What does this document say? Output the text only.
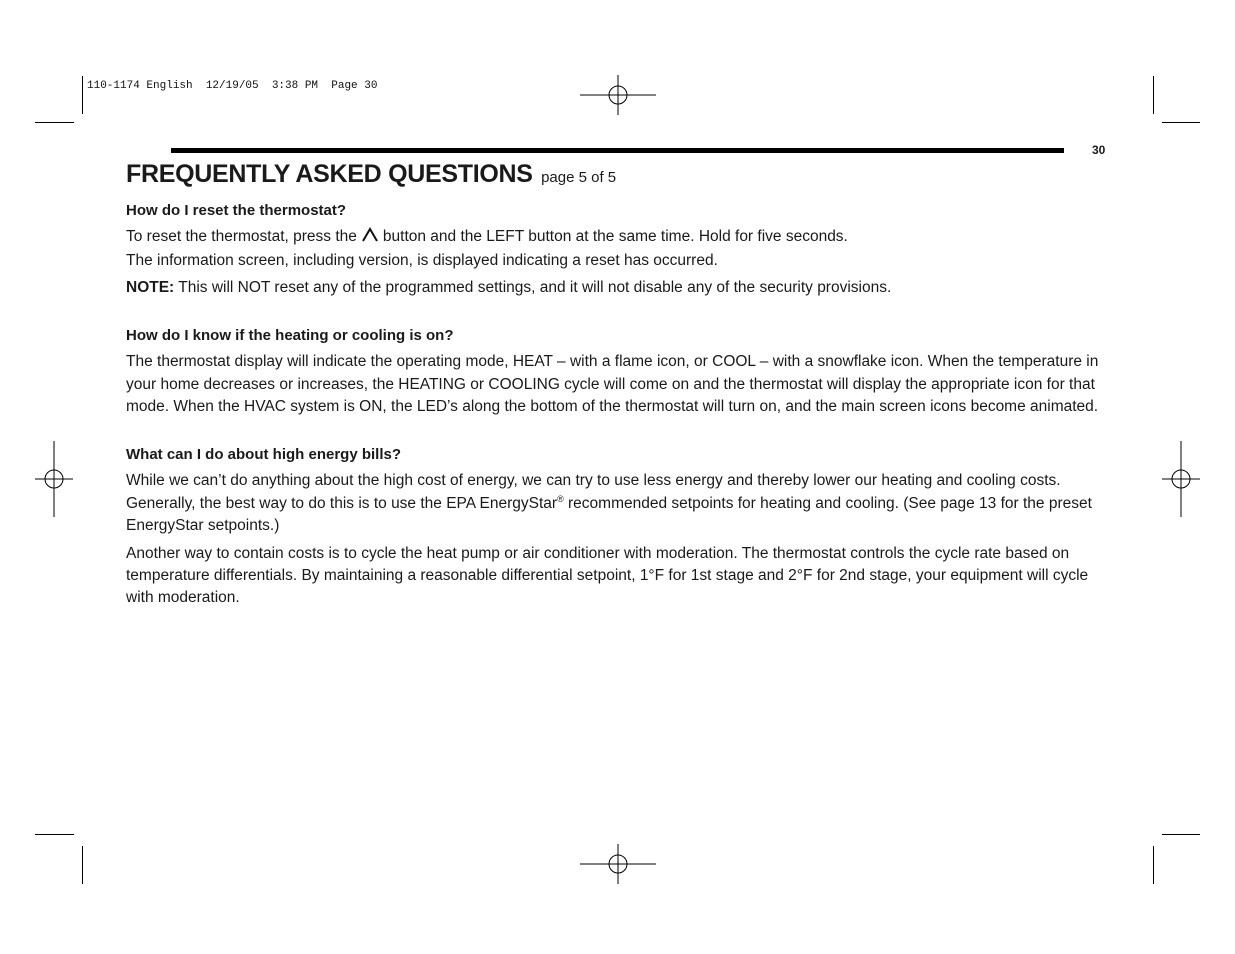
110-1174 English  12/19/05  3:38 PM  Page 30
30
FREQUENTLY ASKED QUESTIONS page 5 of 5
How do I reset the thermostat?
To reset the thermostat, press the button and the LEFT button at the same time. Hold for five seconds.
The information screen, including version, is displayed indicating a reset has occurred.
NOTE: This will NOT reset any of the programmed settings, and it will not disable any of the security provisions.
How do I know if the heating or cooling is on?
The thermostat display will indicate the operating mode, HEAT – with a flame icon, or COOL – with a snowflake icon. When the temperature in your home decreases or increases, the HEATING or COOLING cycle will come on and the thermostat will display the appropriate icon for that mode. When the HVAC system is ON, the LED’s along the bottom of the thermostat will turn on, and the main screen icons become animated.
What can I do about high energy bills?
While we can’t do anything about the high cost of energy, we can try to use less energy and thereby lower our heating and cooling costs. Generally, the best way to do this is to use the EPA EnergyStar® recommended setpoints for heating and cooling. (See page 13 for the preset EnergyStar setpoints.)
Another way to contain costs is to cycle the heat pump or air conditioner with moderation. The thermostat controls the cycle rate based on temperature differentials. By maintaining a reasonable differential setpoint, 1°F for 1st stage and 2°F for 2nd stage, your equipment will cycle with moderation.
